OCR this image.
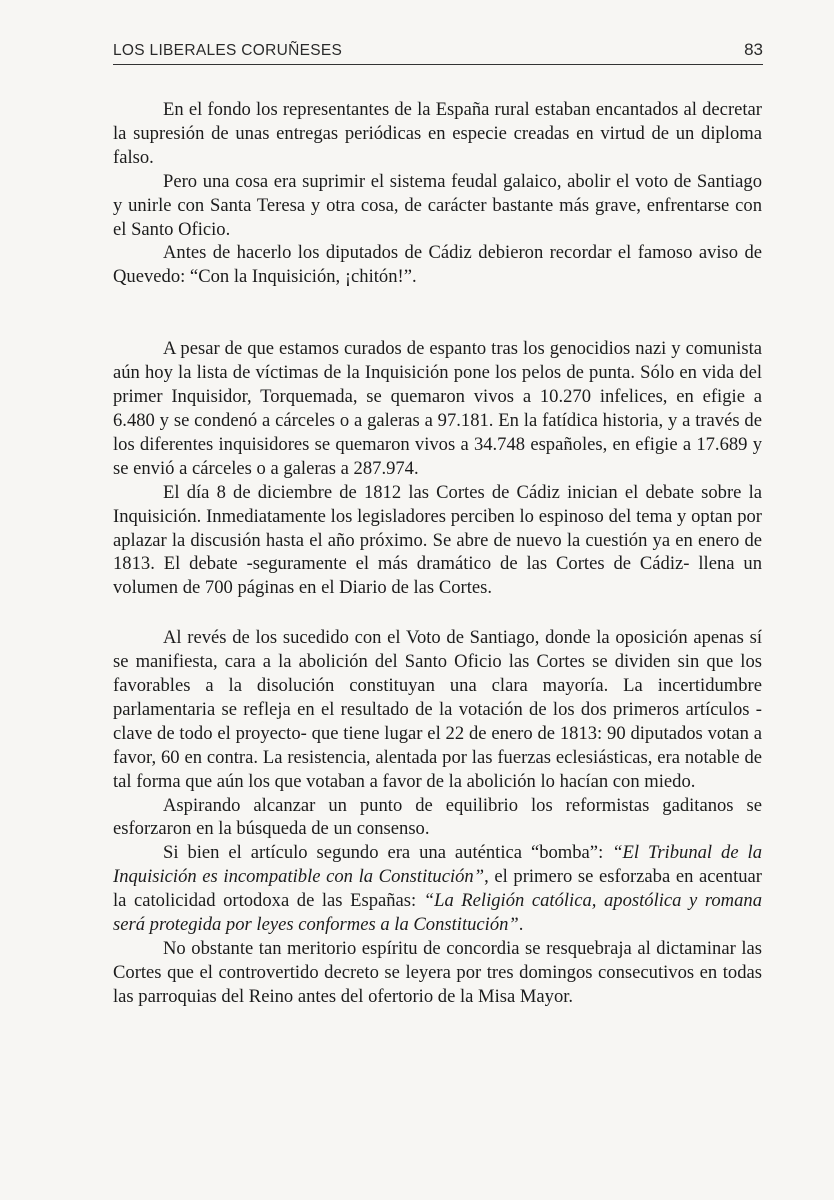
LOS LIBERALES CORUÑESES	83

En el fondo los representantes de la España rural estaban encantados al decretar la supresión de unas entregas periódicas en especie creadas en virtud de un diploma falso.

Pero una cosa era suprimir el sistema feudal galaico, abolir el voto de Santiago y unirle con Santa Teresa y otra cosa, de carácter bastante más grave, enfrentarse con el Santo Oficio.

Antes de hacerlo los diputados de Cádiz debieron recordar el famoso aviso de Quevedo: “Con la Inquisición, ¡chitón!”.

A pesar de que estamos curados de espanto tras los genocidios nazi y comunista aún hoy la lista de víctimas de la Inquisición pone los pelos de punta. Sólo en vida del primer Inquisidor, Torquemada, se quemaron vivos a 10.270 infelices, en efigie a 6.480 y se condenó a cárceles o a galeras a 97.181. En la fatídica historia, y a través de los diferentes inquisidores se quemaron vivos a 34.748 españoles, en efigie a 17.689 y se envió a cárceles o a galeras a 287.974.

El día 8 de diciembre de 1812 las Cortes de Cádiz inician el debate sobre la Inquisición. Inmediatamente los legisladores perciben lo espinoso del tema y optan por aplazar la discusión hasta el año próximo. Se abre de nuevo la cuestión ya en enero de 1813. El debate -seguramente el más dramático de las Cortes de Cádiz- llena un volumen de 700 páginas en el Diario de las Cortes.

Al revés de los sucedido con el Voto de Santiago, donde la oposición apenas sí se manifiesta, cara a la abolición del Santo Oficio las Cortes se dividen sin que los favorables a la disolución constituyan una clara mayoría. La incertidumbre parlamentaria se refleja en el resultado de la votación de los dos primeros artículos -clave de todo el proyecto- que tiene lugar el 22 de enero de 1813: 90 diputados votan a favor, 60 en contra. La resistencia, alentada por las fuerzas eclesiásticas, era notable de tal forma que aún los que votaban a favor de la abolición lo hacían con miedo.

Aspirando alcanzar un punto de equilibrio los reformistas gaditanos se esforzaron en la búsqueda de un consenso.

Si bien el artículo segundo era una auténtica “bomba”: “El Tribunal de la Inquisición es incompatible con la Constitución”, el primero se esforzaba en acentuar la catolicidad ortodoxa de las Españas: “La Religión católica, apostólica y romana será protegida por leyes conformes a la Constitución”.

No obstante tan meritorio espíritu de concordia se resquebraja al dictaminar las Cortes que el controvertido decreto se leyera por tres domingos consecutivos en todas las parroquias del Reino antes del ofertorio de la Misa Mayor.
